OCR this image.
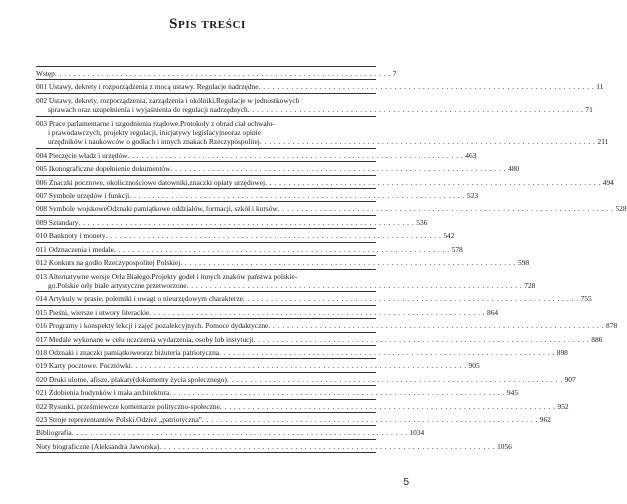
Spis treści
Wstęp . . . . . . . . . . . . . . . . . . . . . . . . . . . . . . . . . . . . . . . . . . . . . . . . . . . . . . . . . . . . . . . . . . . . . . . . 7
001 Ustawy, dekrety i rozporządzenia z mocą ustawy. Regulacje nadrzędne . . . . . . . . . . . . . . . . . . . . . . . . . . . . . . . . . . . . . . . . . . . . . . . . . . . . . . . . . . . . . . . . . . . . . . . . 11
002 Ustawy, dekrety, rozporządzenia, zarządzenia i okólniki.Regulacje w jednostkowych
sprawach oraz uzupełnienia i wyjaśnienia do regulacji nadrzędnych . . . . . . . . . . . . . . . . . . . . . . . . . . . . . . . . . . . . . . . . . . . . . . . . . . . . . . . . . . . . . . . . . . . . . . . . 71
003 Prace parlamentarne i uzgodnienia rządowe.Protokoły z obrad ciał uchwało-
i prawodawczych, projekty regulacji, inicjatywy legislacyjneoraz opinie
urzędników i naukowców o godłach i innych znakach Rzeczypospolitej . . . . . . . . . . . . . . . . . . . . . . . . . . . . . . . . . . . . . . . . . . . . . . . . . . . . . . . . . . . . . . . . . . . . . . . . 211
004 Pieczęcie władz i urzędów . . . . . . . . . . . . . . . . . . . . . . . . . . . . . . . . . . . . . . . . . . . . . . . . . . . . . . . . . . . . . . . . . . . . . . . . 463
005 Ikonograficzne dopełnienie dokumentów . . . . . . . . . . . . . . . . . . . . . . . . . . . . . . . . . . . . . . . . . . . . . . . . . . . . . . . . . . . . . . . . . . . . . . . . 480
006 Znaczki pocztowe, okolicznościowe datowniki,znaczki opłaty urzędowej . . . . . . . . . . . . . . . . . . . . . . . . . . . . . . . . . . . . . . . . . . . . . . . . . . . . . . . . . . . . . . . . . . . . . . . . 494
007 Symbole urzędów i funkcji . . . . . . . . . . . . . . . . . . . . . . . . . . . . . . . . . . . . . . . . . . . . . . . . . . . . . . . . . . . . . . . . . . . . . . . . 523
008 Symbole wojskoweOdznaki pamiątkowe oddziałów, formacji, szkół i kursów . . . . . . . . . . . . . . . . . . . . . . . . . . . . . . . . . . . . . . . . . . . . . . . . . . . . . . . . . . . . . . . . . . . . . . . . 528
009 Sztandary . . . . . . . . . . . . . . . . . . . . . . . . . . . . . . . . . . . . . . . . . . . . . . . . . . . . . . . . . . . . . . . . . . . . . . . . 536
010 Banknoty i monety . . . . . . . . . . . . . . . . . . . . . . . . . . . . . . . . . . . . . . . . . . . . . . . . . . . . . . . . . . . . . . . . . . . . . . . . 542
011 Odznaczenia i medale . . . . . . . . . . . . . . . . . . . . . . . . . . . . . . . . . . . . . . . . . . . . . . . . . . . . . . . . . . . . . . . . . . . . . . . . 578
012 Konkurs na godło Rzeczypospolitej Polskiej . . . . . . . . . . . . . . . . . . . . . . . . . . . . . . . . . . . . . . . . . . . . . . . . . . . . . . . . . . . . . . . . . . . . . . . . 598
013 Alternatywne wersje Orła Białego.Projekty godeł i innych znaków państwa polskie-
go.Polskie orły białe artystyczne przetworzone . . . . . . . . . . . . . . . . . . . . . . . . . . . . . . . . . . . . . . . . . . . . . . . . . . . . . . . . . . . . . . . . . . . . . . . . 728
014 Artykuły w prasie, polemiki i uwagi o nieurzędowym charakterze . . . . . . . . . . . . . . . . . . . . . . . . . . . . . . . . . . . . . . . . . . . . . . . . . . . . . . . . . . . . . . . . . . . . . . . . 755
015 Pieśni, wiersze i utwory literackie . . . . . . . . . . . . . . . . . . . . . . . . . . . . . . . . . . . . . . . . . . . . . . . . . . . . . . . . . . . . . . . . . . . . . . . . 864
016 Programy i konspekty lekcji i zajęć pozalekcyjnych. Pomoce dydaktyczne . . . . . . . . . . . . . . . . . . . . . . . . . . . . . . . . . . . . . . . . . . . . . . . . . . . . . . . . . . . . . . . . . . . . . . . . 878
017 Medale wykonane w celu uczczenia wydarzenia, osoby lub instytucji . . . . . . . . . . . . . . . . . . . . . . . . . . . . . . . . . . . . . . . . . . . . . . . . . . . . . . . . . . . . . . . . . . . . . . . . 886
018 Odznaki i znaczki pamiątkoweoraz biżuteria patriotyczna . . . . . . . . . . . . . . . . . . . . . . . . . . . . . . . . . . . . . . . . . . . . . . . . . . . . . . . . . . . . . . . . . . . . . . . . 898
019 Karty pocztowe. Pocztówki . . . . . . . . . . . . . . . . . . . . . . . . . . . . . . . . . . . . . . . . . . . . . . . . . . . . . . . . . . . . . . . . . . . . . . . . 905
020 Druki ulotne, afisze, plakaty(dokumenty życia społecznego) . . . . . . . . . . . . . . . . . . . . . . . . . . . . . . . . . . . . . . . . . . . . . . . . . . . . . . . . . . . . . . . . . . . . . . . . 907
021 Zdobienia budynków i mała architektura . . . . . . . . . . . . . . . . . . . . . . . . . . . . . . . . . . . . . . . . . . . . . . . . . . . . . . . . . . . . . . . . . . . . . . . . 945
022 Rysunki, prześmiewcze komentarze polityczno-społeczne . . . . . . . . . . . . . . . . . . . . . . . . . . . . . . . . . . . . . . . . . . . . . . . . . . . . . . . . . . . . . . . . . . . . . . . . 952
023 Stroje reprezentantów Polski.Odzież „patriotyczna” . . . . . . . . . . . . . . . . . . . . . . . . . . . . . . . . . . . . . . . . . . . . . . . . . . . . . . . . . . . . . . . . . . . . . . . . 962
Bibliografia . . . . . . . . . . . . . . . . . . . . . . . . . . . . . . . . . . . . . . . . . . . . . . . . . . . . . . . . . . . . . . . . . . . . . . . . 1034
Noty biograficzne (Aleksandra Jaworska) . . . . . . . . . . . . . . . . . . . . . . . . . . . . . . . . . . . . . . . . . . . . . . . . . . . . . . . . . . . . . . . . . . . . . . . . 1056
5
